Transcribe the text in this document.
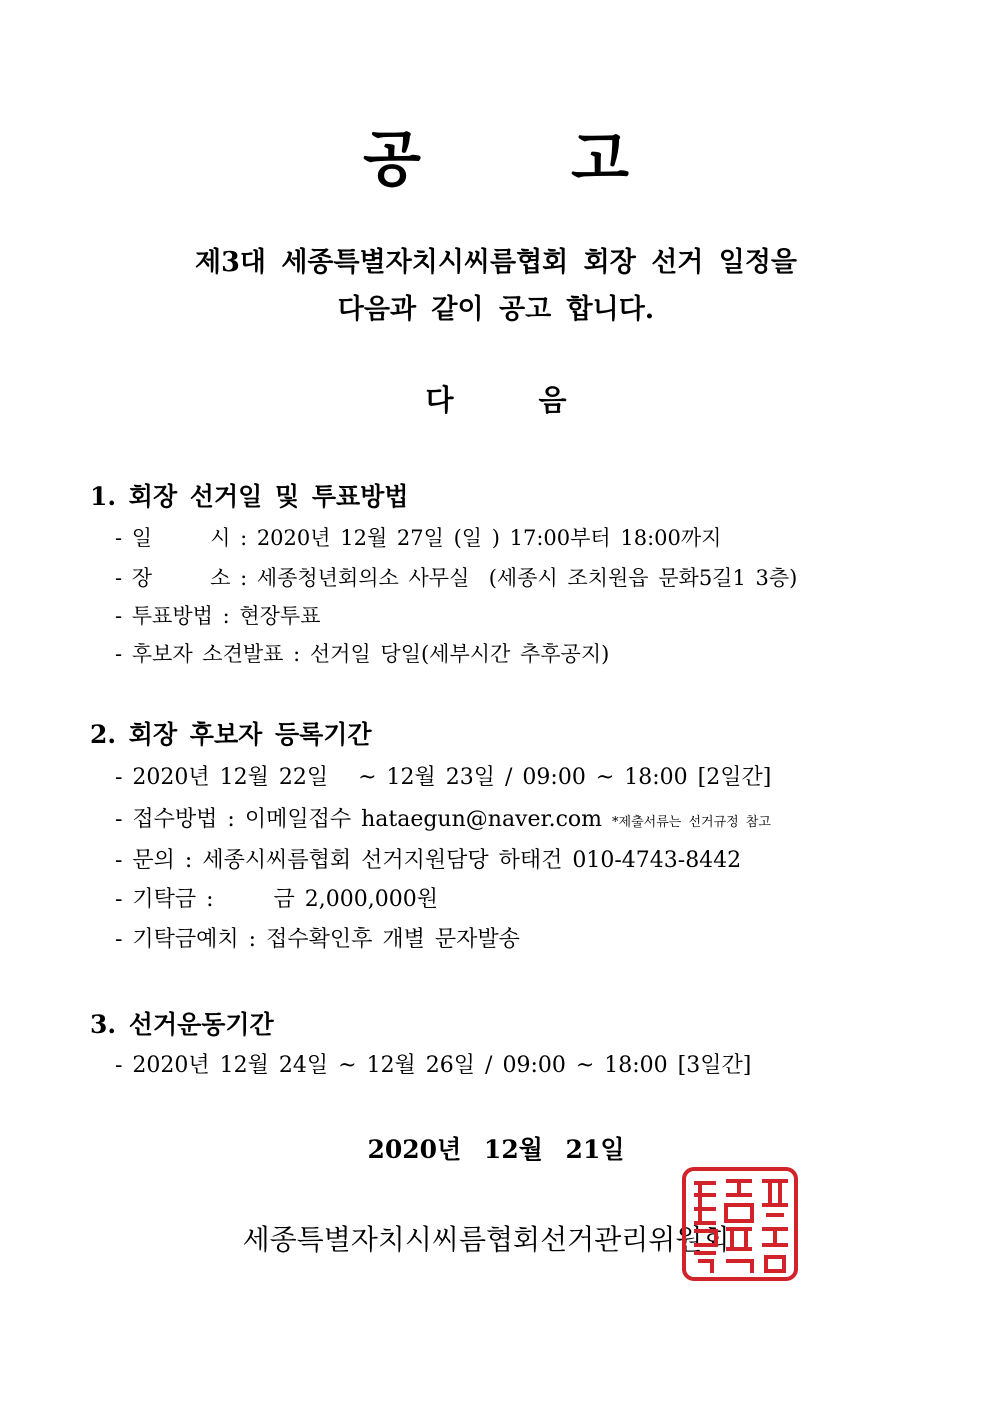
공	고
제3대 세종특별자치시씨름협회 회장 선거 일정을
다음과 같이 공고 합니다.
다	음
1. 회장 선거일 및 투표방법
- 일      시 : 2020년 12월 27일 (일 ) 17:00부터 18:00까지
- 장      소 : 세종청년회의소 사무실  (세종시 조치원읍 문화5길1 3층)
- 투표방법 : 현장투표
- 후보자 소견발표 : 선거일 당일(세부시간 추후공지)
2. 회장 후보자 등록기간
- 2020년 12월 22일   ~ 12월 23일 / 09:00 ~ 18:00 [2일간]
- 접수방법 : 이메일접수 hataegun@naver.com *제출서류는 선거규정 참고
- 문의 : 세종시씨름협회 선거지원담당 하태건 010-4743-8442
- 기탁금 :      금 2,000,000원
- 기탁금예치 : 접수확인후 개별 문자발송
3. 선거운동기간
- 2020년 12월 24일 ~ 12월 26일 / 09:00 ~ 18:00 [3일간]
2020년 12월 21일
세종특별자치시씨름협회선거관리위원회
